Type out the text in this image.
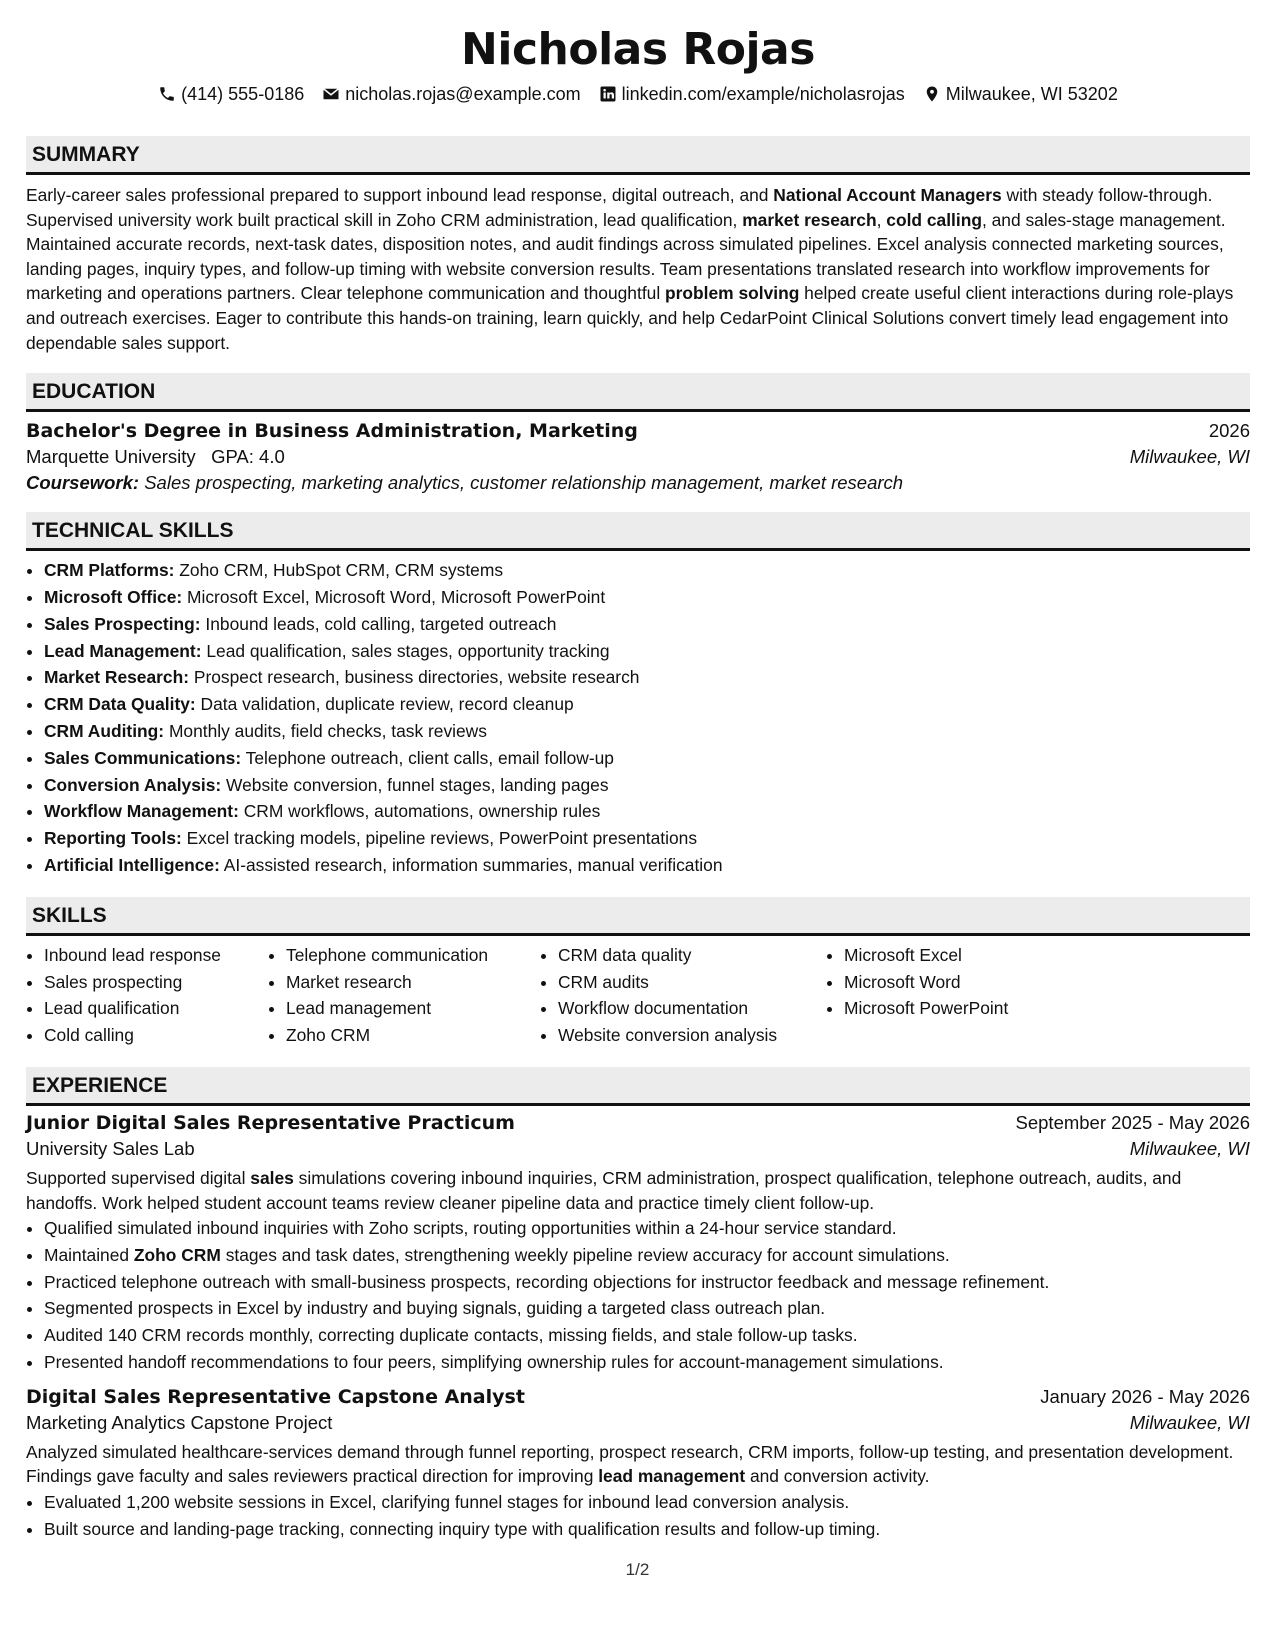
Nicholas Rojas
(414) 555-0186 nicholas.rojas@example.com linkedin.com/example/nicholasrojas Milwaukee, WI 53202
SUMMARY
Early-career sales professional prepared to support inbound lead response, digital outreach, and National Account Managers with steady follow-through. Supervised university work built practical skill in Zoho CRM administration, lead qualification, market research, cold calling, and sales-stage management. Maintained accurate records, next-task dates, disposition notes, and audit findings across simulated pipelines. Excel analysis connected marketing sources, landing pages, inquiry types, and follow-up timing with website conversion results. Team presentations translated research into workflow improvements for marketing and operations partners. Clear telephone communication and thoughtful problem solving helped create useful client interactions during role-plays and outreach exercises. Eager to contribute this hands-on training, learn quickly, and help CedarPoint Clinical Solutions convert timely lead engagement into dependable sales support.
EDUCATION
Bachelor's Degree in Business Administration, Marketing	2026
Marquette University GPA: 4.0	Milwaukee, WI
Coursework: Sales prospecting, marketing analytics, customer relationship management, market research
TECHNICAL SKILLS
• CRM Platforms: Zoho CRM, HubSpot CRM, CRM systems
• Microsoft Office: Microsoft Excel, Microsoft Word, Microsoft PowerPoint
• Sales Prospecting: Inbound leads, cold calling, targeted outreach
• Lead Management: Lead qualification, sales stages, opportunity tracking
• Market Research: Prospect research, business directories, website research
• CRM Data Quality: Data validation, duplicate review, record cleanup
• CRM Auditing: Monthly audits, field checks, task reviews
• Sales Communications: Telephone outreach, client calls, email follow-up
• Conversion Analysis: Website conversion, funnel stages, landing pages
• Workflow Management: CRM workflows, automations, ownership rules
• Reporting Tools: Excel tracking models, pipeline reviews, PowerPoint presentations
• Artificial Intelligence: AI-assisted research, information summaries, manual verification
SKILLS
• Inbound lead response
• Sales prospecting
• Lead qualification
• Cold calling
• Telephone communication
• Market research
• Lead management
• Zoho CRM
• CRM data quality
• CRM audits
• Workflow documentation
• Website conversion analysis
• Microsoft Excel
• Microsoft Word
• Microsoft PowerPoint
EXPERIENCE
Junior Digital Sales Representative Practicum	September 2025 - May 2026
University Sales Lab	Milwaukee, WI
Supported supervised digital sales simulations covering inbound inquiries, CRM administration, prospect qualification, telephone outreach, audits, and handoffs. Work helped student account teams review cleaner pipeline data and practice timely client follow-up.
• Qualified simulated inbound inquiries with Zoho scripts, routing opportunities within a 24-hour service standard.
• Maintained Zoho CRM stages and task dates, strengthening weekly pipeline review accuracy for account simulations.
• Practiced telephone outreach with small-business prospects, recording objections for instructor feedback and message refinement.
• Segmented prospects in Excel by industry and buying signals, guiding a targeted class outreach plan.
• Audited 140 CRM records monthly, correcting duplicate contacts, missing fields, and stale follow-up tasks.
• Presented handoff recommendations to four peers, simplifying ownership rules for account-management simulations.
Digital Sales Representative Capstone Analyst	January 2026 - May 2026
Marketing Analytics Capstone Project	Milwaukee, WI
Analyzed simulated healthcare-services demand through funnel reporting, prospect research, CRM imports, follow-up testing, and presentation development. Findings gave faculty and sales reviewers practical direction for improving lead management and conversion activity.
• Evaluated 1,200 website sessions in Excel, clarifying funnel stages for inbound lead conversion analysis.
• Built source and landing-page tracking, connecting inquiry type with qualification results and follow-up timing.
1/2
